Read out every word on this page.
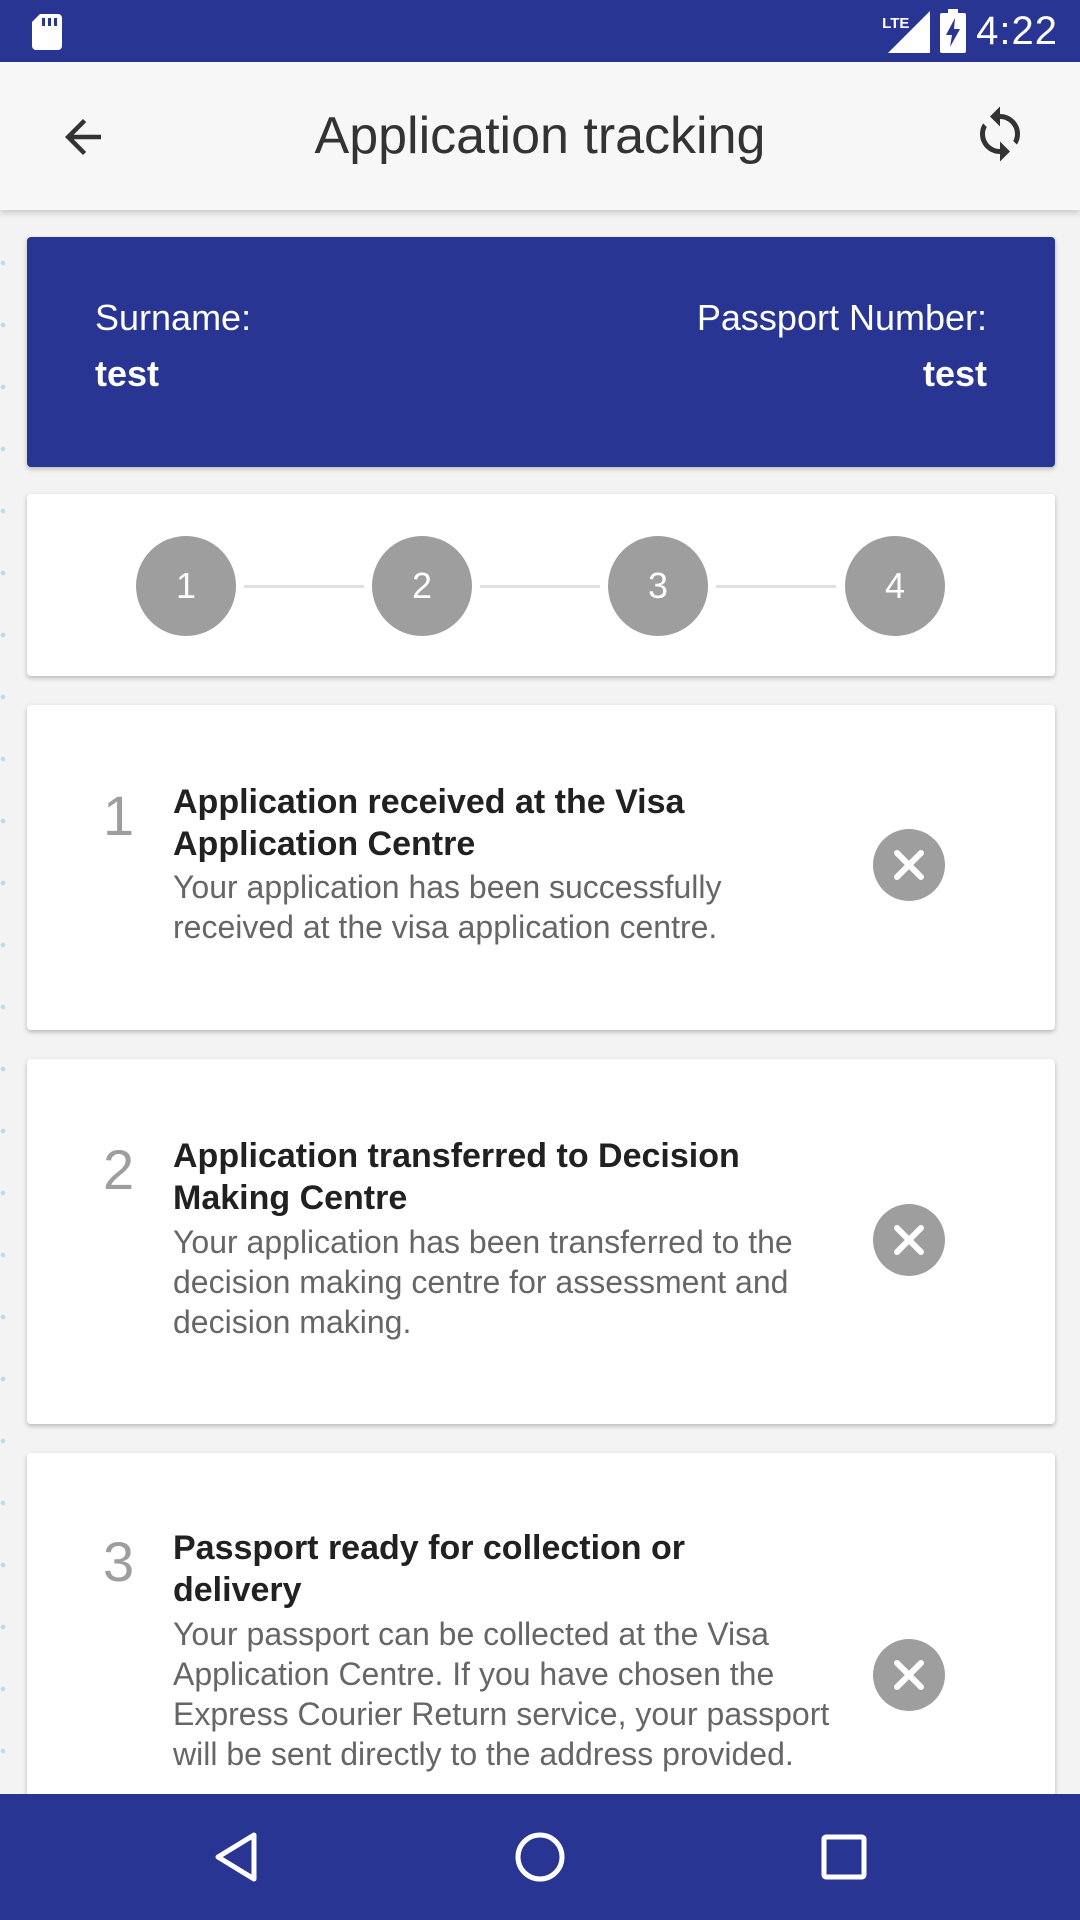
LTE 4:22
Application tracking
Surname:
test
Passport Number:
test
1	2	3	4
1 Application received at the Visa Application Centre
Your application has been successfully received at the visa application centre.
2 Application transferred to Decision Making Centre
Your application has been transferred to the decision making centre for assessment and decision making.
3 Passport ready for collection or delivery
Your passport can be collected at the Visa Application Centre. If you have chosen the Express Courier Return service, your passport will be sent directly to the address provided.
